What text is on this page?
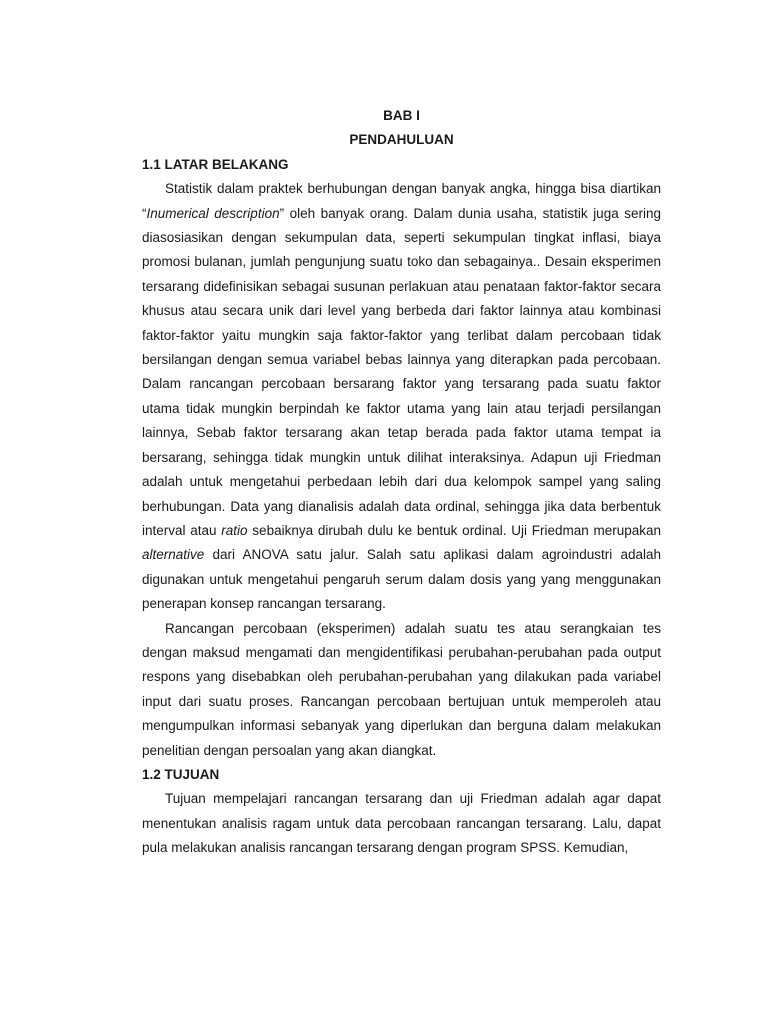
BAB I

PENDAHULUAN

1.1 LATAR BELAKANG

Statistik dalam praktek berhubungan dengan banyak angka, hingga bisa diartikan “Inumerical description” oleh banyak orang. Dalam dunia usaha, statistik juga sering diasosiasikan dengan sekumpulan data, seperti sekumpulan tingkat inflasi, biaya promosi bulanan, jumlah pengunjung suatu toko dan sebagainya.. Desain eksperimen tersarang didefinisikan sebagai susunan perlakuan atau penataan faktor-faktor secara khusus atau secara unik dari level yang berbeda dari faktor lainnya atau kombinasi faktor-faktor yaitu mungkin saja faktor-faktor yang terlibat dalam percobaan tidak bersilangan dengan semua variabel bebas lainnya yang diterapkan pada percobaan. Dalam rancangan percobaan bersarang faktor yang tersarang pada suatu faktor utama tidak mungkin berpindah ke faktor utama yang lain atau terjadi persilangan lainnya, Sebab faktor tersarang akan tetap berada pada faktor utama tempat ia bersarang, sehingga tidak mungkin untuk dilihat interaksinya. Adapun uji Friedman adalah untuk mengetahui perbedaan lebih dari dua kelompok sampel yang saling berhubungan. Data yang dianalisis adalah data ordinal, sehingga jika data berbentuk interval atau ratio sebaiknya dirubah dulu ke bentuk ordinal. Uji Friedman merupakan alternative dari ANOVA satu jalur. Salah satu aplikasi dalam agroindustri adalah digunakan untuk mengetahui pengaruh serum dalam dosis yang yang menggunakan penerapan konsep rancangan tersarang.

Rancangan percobaan (eksperimen) adalah suatu tes atau serangkaian tes dengan maksud mengamati dan mengidentifikasi perubahan-perubahan pada output respons yang disebabkan oleh perubahan-perubahan yang dilakukan pada variabel input dari suatu proses. Rancangan percobaan bertujuan untuk memperoleh atau mengumpulkan informasi sebanyak yang diperlukan dan berguna dalam melakukan penelitian dengan persoalan yang akan diangkat.

1.2 TUJUAN

Tujuan mempelajari rancangan tersarang dan uji Friedman adalah agar dapat menentukan analisis ragam untuk data percobaan rancangan tersarang. Lalu, dapat pula melakukan analisis rancangan tersarang dengan program SPSS. Kemudian,
